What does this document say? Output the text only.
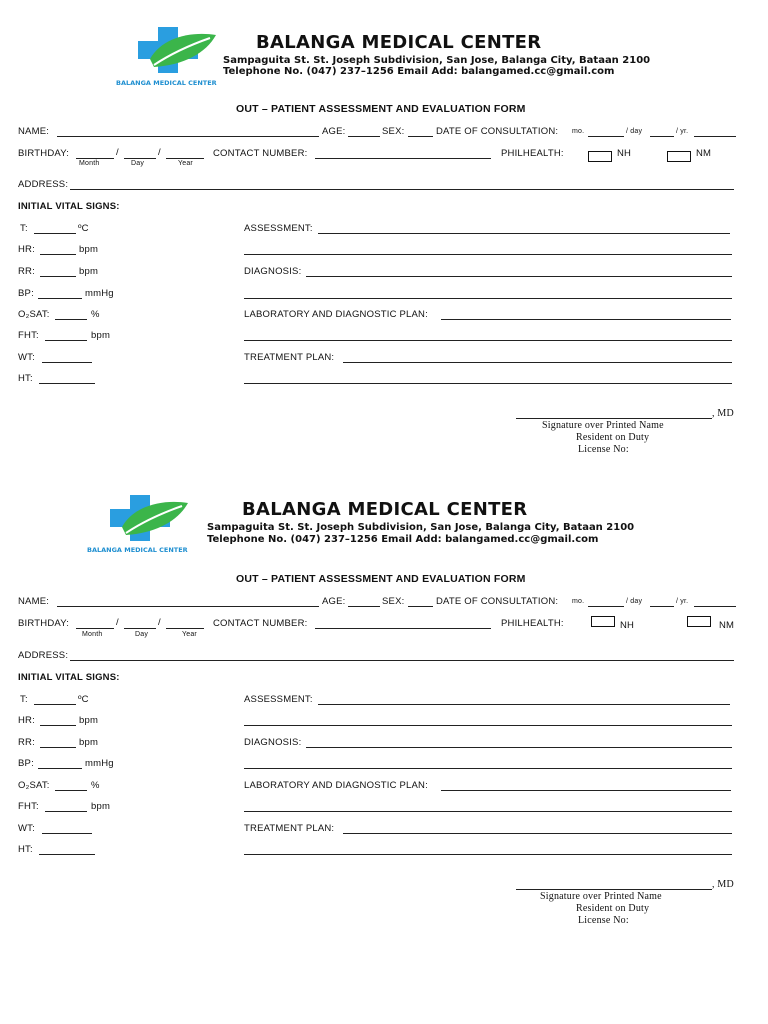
BALANGA MEDICAL CENTER
BALANGA MEDICAL CENTER
Sampaguita St. St. Joseph Subdivision, San Jose, Balanga City, Bataan 2100
Telephone No. (047) 237–1256 Email Add: balangamed.cc@gmail.com
OUT – PATIENT ASSESSMENT AND EVALUATION FORM
NAME:	AGE:	SEX:	DATE OF CONSULTATION: mo.	/ day	/ yr.
BIRTHDAY:	/	/
Month	Day	Year
CONTACT NUMBER:	PHILHEALTH:	NH	NM
ADDRESS:
INITIAL VITAL SIGNS:
T:	ºC
HR:	bpm
RR:	bpm
BP:	mmHg
O₂SAT:	%
FHT:	bpm
WT:
HT:
ASSESSMENT:
DIAGNOSIS:
LABORATORY AND DIAGNOSTIC PLAN:
TREATMENT PLAN:
, MD
Signature over Printed Name
Resident on Duty
License No:
BALANGA MEDICAL CENTER
BALANGA MEDICAL CENTER
Sampaguita St. St. Joseph Subdivision, San Jose, Balanga City, Bataan 2100
Telephone No. (047) 237–1256 Email Add: balangamed.cc@gmail.com
OUT – PATIENT ASSESSMENT AND EVALUATION FORM
NAME:	AGE:	SEX:	DATE OF CONSULTATION: mo.	/ day	/ yr.
BIRTHDAY:	/	/
Month	Day	Year
CONTACT NUMBER:	PHILHEALTH:	NH	NM
ADDRESS:
INITIAL VITAL SIGNS:
T:	ºC
HR:	bpm
RR:	bpm
BP:	mmHg
O₂SAT:	%
FHT:	bpm
WT:
HT:
ASSESSMENT:
DIAGNOSIS:
LABORATORY AND DIAGNOSTIC PLAN:
TREATMENT PLAN:
, MD
Signature over Printed Name
Resident on Duty
License No:
